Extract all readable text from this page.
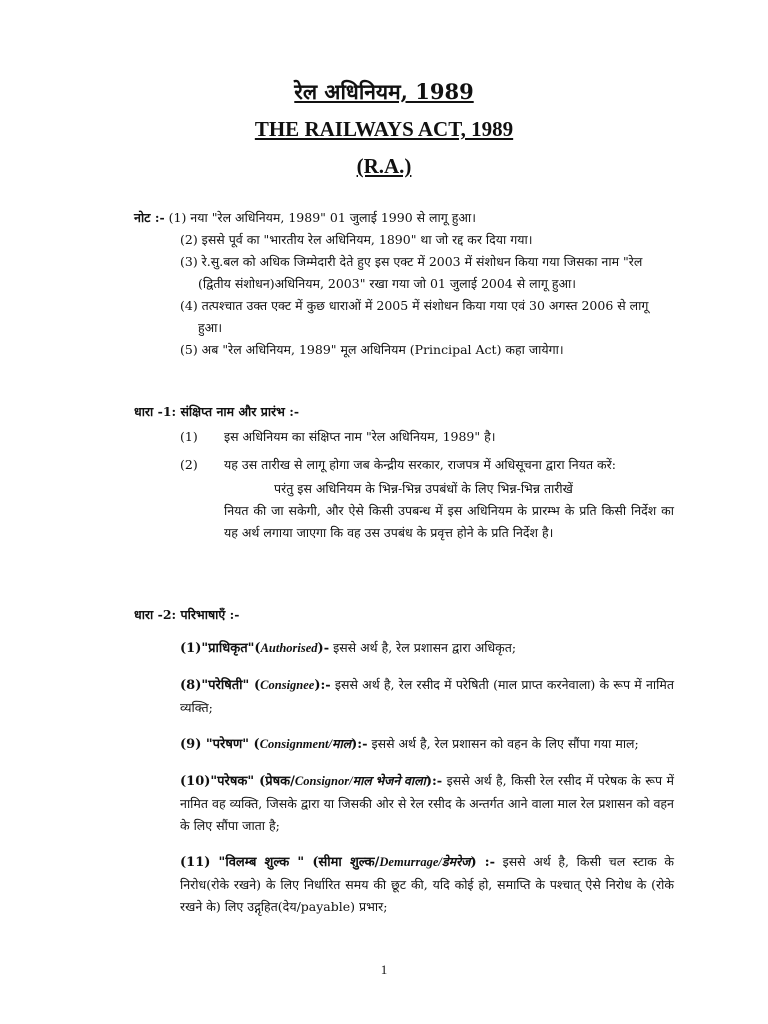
रेल अधिनियम, 1989
THE RAILWAYS ACT, 1989
(R.A.)
नोट :- (1) नया "रेल अधिनियम, 1989" 01 जुलाई 1990 से लागू हुआ।
(2) इससे पूर्व का "भारतीय रेल अधिनियम, 1890" था जो रद्द कर दिया गया।
(3) रे.सु.बल को अधिक जिम्मेदारी देते हुए इस एक्ट में 2003 में संशोधन किया गया जिसका नाम "रेल (द्वितीय संशोधन)अधिनियम, 2003" रखा गया जो 01 जुलाई 2004 से लागू हुआ।
(4) तत्पश्चात उक्त एक्ट में कुछ धाराओं में 2005 में संशोधन किया गया एवं 30 अगस्त 2006 से लागू हुआ।
(5) अब "रेल अधिनियम, 1989" मूल अधिनियम (Principal Act) कहा जायेगा।
धारा -1: संक्षिप्त नाम और प्रारंभ :-
(1)	इस अधिनियम का संक्षिप्त नाम "रेल अधिनियम, 1989" है।
(2)	यह उस तारीख से लागू होगा जब केन्द्रीय सरकार, राजपत्र में अधिसूचना द्वारा नियत करें:
परंतु इस अधिनियम के भिन्न-भिन्न उपबंधों के लिए भिन्न-भिन्न तारीखें
नियत की जा सकेगी, और ऐसे किसी उपबन्ध में इस अधिनियम के प्रारम्भ के प्रति किसी निर्देश का यह अर्थ लगाया जाएगा कि वह उस उपबंध के प्रवृत्त होने के प्रति निर्देश है।
धारा -2: परिभाषाएँ :-
(1)"प्राधिकृत"(Authorised)- इससे अर्थ है, रेल प्रशासन द्वारा अधिकृत;
(8)"परेषिती" (Consignee):- इससे अर्थ है, रेल रसीद में परेषिती (माल प्राप्त करनेवाला) के रूप में नामित व्यक्ति;
(9) "परेषण" (Consignment/माल):- इससे अर्थ है, रेल प्रशासन को वहन के लिए सौंपा गया माल;
(10)"परेषक" (प्रेषक/Consignor/माल भेजने वाला):- इससे अर्थ है, किसी रेल रसीद में परेषक के रूप में नामित वह व्यक्ति, जिसके द्वारा या जिसकी ओर से रेल रसीद के अन्तर्गत आने वाला माल रेल प्रशासन को वहन के लिए सौंपा जाता है;
(11) "विलम्ब शुल्क " (सीमा शुल्क/Demurrage/डेमरेज) :- इससे अर्थ है, किसी चल स्टाक के निरोध(रोके रखने) के लिए निर्धारित समय की छूट की, यदि कोई हो, समाप्ति के पश्चात् ऐसे निरोध के (रोके रखने के) लिए उद्गृहित(देय/payable) प्रभार;
1
